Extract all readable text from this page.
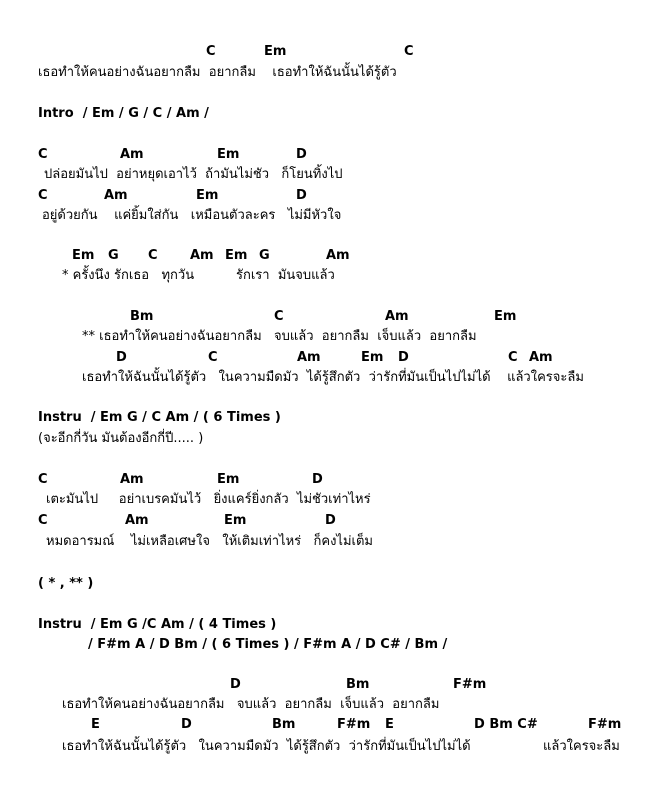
C	Em	C
เธอทำให้คนอย่างฉันอยากลืม  อยากลืม    เธอทำให้ฉันนั้นได้รู้ตัว
Intro  / Em / G / C / Am /
C	Am	Em	D
ปล่อยมันไป  อย่าหยุดเอาไว้  ถ้ามันไม่ชัว   ก็โยนทิ้งไป
C	Am	Em	D
อยู่ด้วยกัน    แค่ยิ้มใส่กัน   เหมือนตัวละคร   ไม่มีหัวใจ
Em G C Am Em G	Am
* ครั้งนึง รักเธอ   ทุกวัน	รักเรา  มันจบแล้ว
Bm	C	Am	Em
** เธอทำให้คนอย่างฉันอยากลืม   จบแล้ว  อยากลืม  เจ็บแล้ว  อยากลืม
D	C	Am	Em D	C Am
เธอทำให้ฉันนั้นได้รู้ตัว   ในความมืดมัว  ได้รู้สึกตัว  ว่ารักที่มันเป็นไปไม่ได้    แล้วใครจะลืม
Instru  / Em G / C Am / ( 6 Times )
(จะอีกกี่วัน มันต้องอีกกี่ปี..... )
C	Am	Em	D
เตะมันไป     อย่าเบรคมันไว้   ยิ่งแคร์ยิ่งกลัว  ไม่ชัวเท่าไหร่
C	Am	Em	D
หมดอารมณ์    ไม่เหลือเศษใจ   ให้เติมเท่าไหร่   ก็คงไม่เต็ม
( * , ** )
Instru  / Em G /C Am / ( 4 Times )
/ F#m A / D Bm / ( 6 Times ) / F#m A / D C# / Bm /
D	Bm	F#m
เธอทำให้คนอย่างฉันอยากลืม   จบแล้ว  อยากลืม  เจ็บแล้ว  อยากลืม
E	D	Bm	F#m E	D Bm C#	F#m
เธอทำให้ฉันนั้นได้รู้ตัว   ในความมืดมัว  ได้รู้สึกตัว  ว่ารักที่มันเป็นไปไม่ได้	แล้วใครจะลืม
